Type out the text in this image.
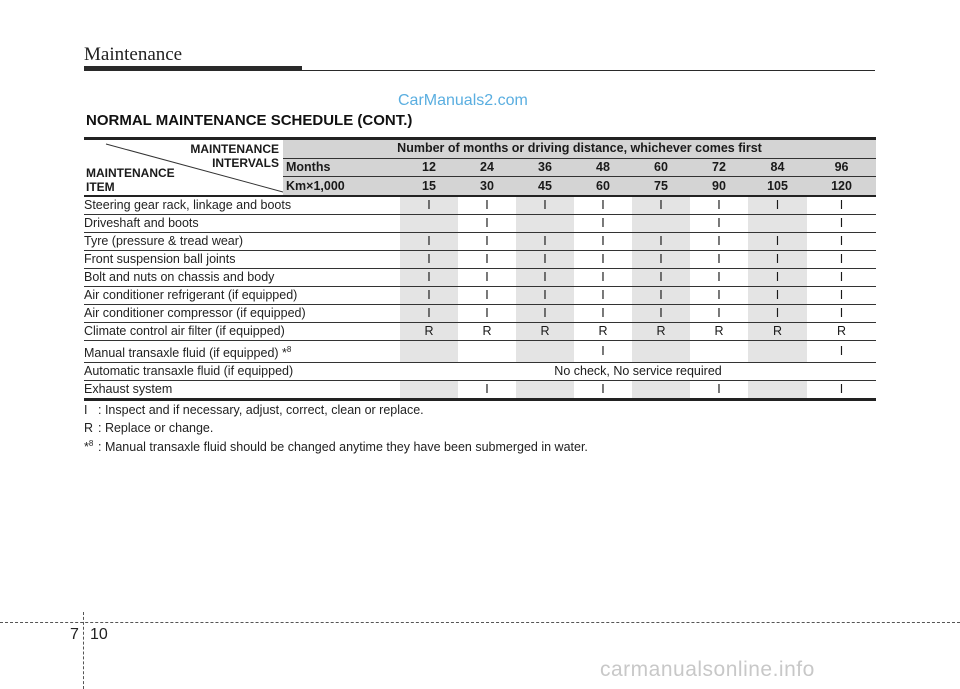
Maintenance
CarManuals2.com
NORMAL MAINTENANCE SCHEDULE (CONT.)
MAINTENANCE
INTERVALS
MAINTENANCE
ITEM	Number of months or driving distance, whichever comes first								
	Months	12	24	36	48	60	72	84	96
	Km×1,000	15	30	45	60	75	90	105	120
Steering gear rack, linkage and boots		I	I	I	I	I	I	I	I
Driveshaft and boots			I		I		I		I
Tyre (pressure & tread wear)		I	I	I	I	I	I	I	I
Front suspension ball joints		I	I	I	I	I	I	I	I
Bolt and nuts on chassis and body		I	I	I	I	I	I	I	I
Air conditioner refrigerant (if equipped)		I	I	I	I	I	I	I	I
Air conditioner compressor (if equipped)		I	I	I	I	I	I	I	I
Climate control air filter (if equipped)		R	R	R	R	R	R	R	R
Manual transaxle fluid (if equipped) *$^8$					I				I
Automatic transaxle fluid (if equipped)		No check, No service required							
Exhaust system			I		I		I		I
I : Inspect and if necessary, adjust, correct, clean or replace.
R : Replace or change.
*$^8$ : Manual transaxle fluid should be changed anytime they have been submerged in water.
7 10
carmanualsonline.info
